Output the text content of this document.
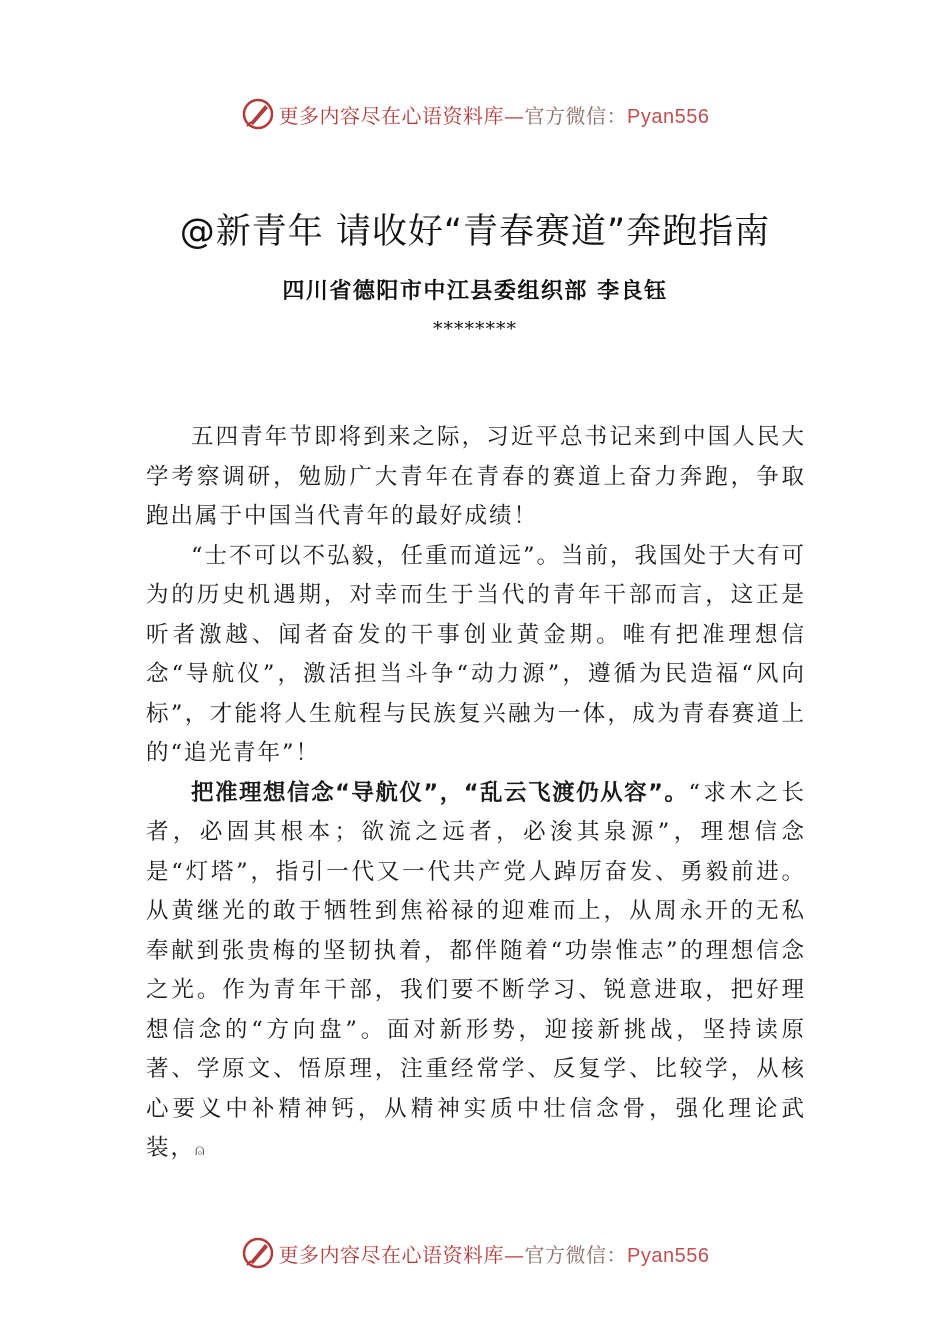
更多内容尽在心语资料库—官方微信：Pyan556
@新青年 请收好“青春赛道”奔跑指南

四川省德阳市中江县委组织部 李良钰

********

五四青年节即将到来之际，习近平总书记来到中国人民大学考察调研，勉励广大青年在青春的赛道上奋力奔跑，争取跑出属于中国当代青年的最好成绩！

“士不可以不弘毅，任重而道远”。当前，我国处于大有可为的历史机遇期，对幸而生于当代的青年干部而言，这正是听者激越、闻者奋发的干事创业黄金期。唯有把准理想信念“导航仪”，激活担当斗争“动力源”，遵循为民造福“风向标”，才能将人生航程与民族复兴融为一体，成为青春赛道上的“追光青年”！

把准理想信念“导航仪”，“乱云飞渡仍从容”。“求木之长者，必固其根本；欲流之远者，必浚其泉源”，理想信念是“灯塔”，指引一代又一代共产党人踔厉奋发、勇毅前进。从黄继光的敢于牺牲到焦裕禄的迎难而上，从周永开的无私奉献到张贵梅的坚韧执着，都伴随着“功崇惟志”的理想信念之光。作为青年干部，我们要不断学习、锐意进取，把好理想信念的“方向盘”。面对新形势，迎接新挑战，坚持读原著、学原文、悟原理，注重经常学、反复学、比较学，从核心要义中补精神钙，从精神实质中壮信念骨，强化理论武装，⍝

更多内容尽在心语资料库—官方微信：Pyan556
